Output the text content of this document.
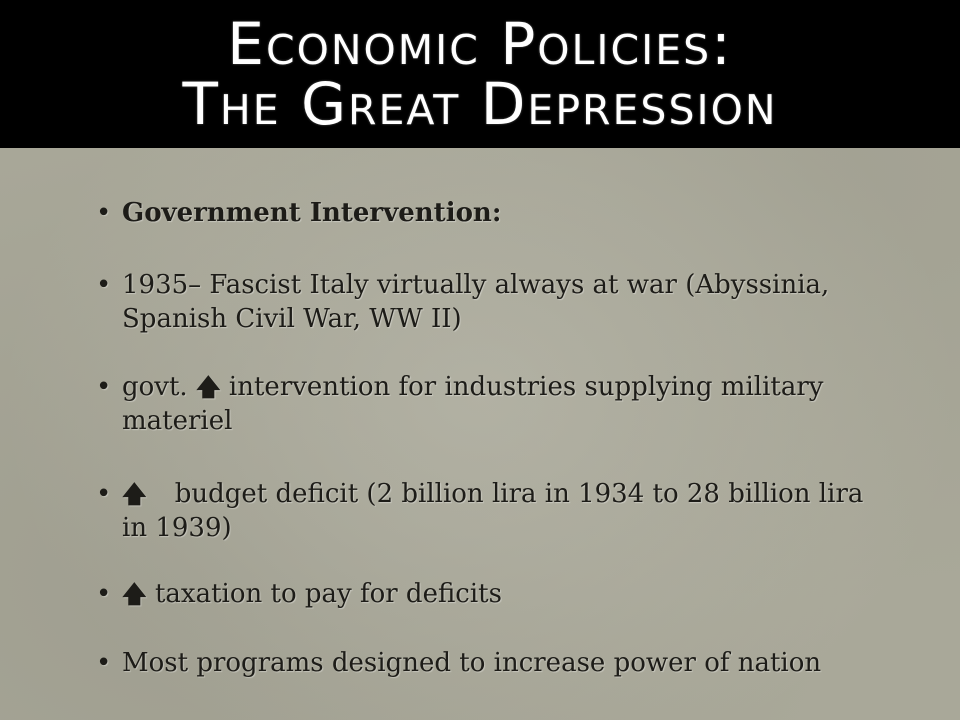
Economic Policies:
The Great Depression
• Government Intervention:
• 1935– Fascist Italy virtually always at war (Abyssinia, Spanish Civil War, WW II)
• govt. 🡅 intervention for industries supplying military materiel
• 🡅 budget deficit (2 billion lira in 1934 to 28 billion lira in 1939)
• 🡅 taxation to pay for deficits
• Most programs designed to increase power of nation
